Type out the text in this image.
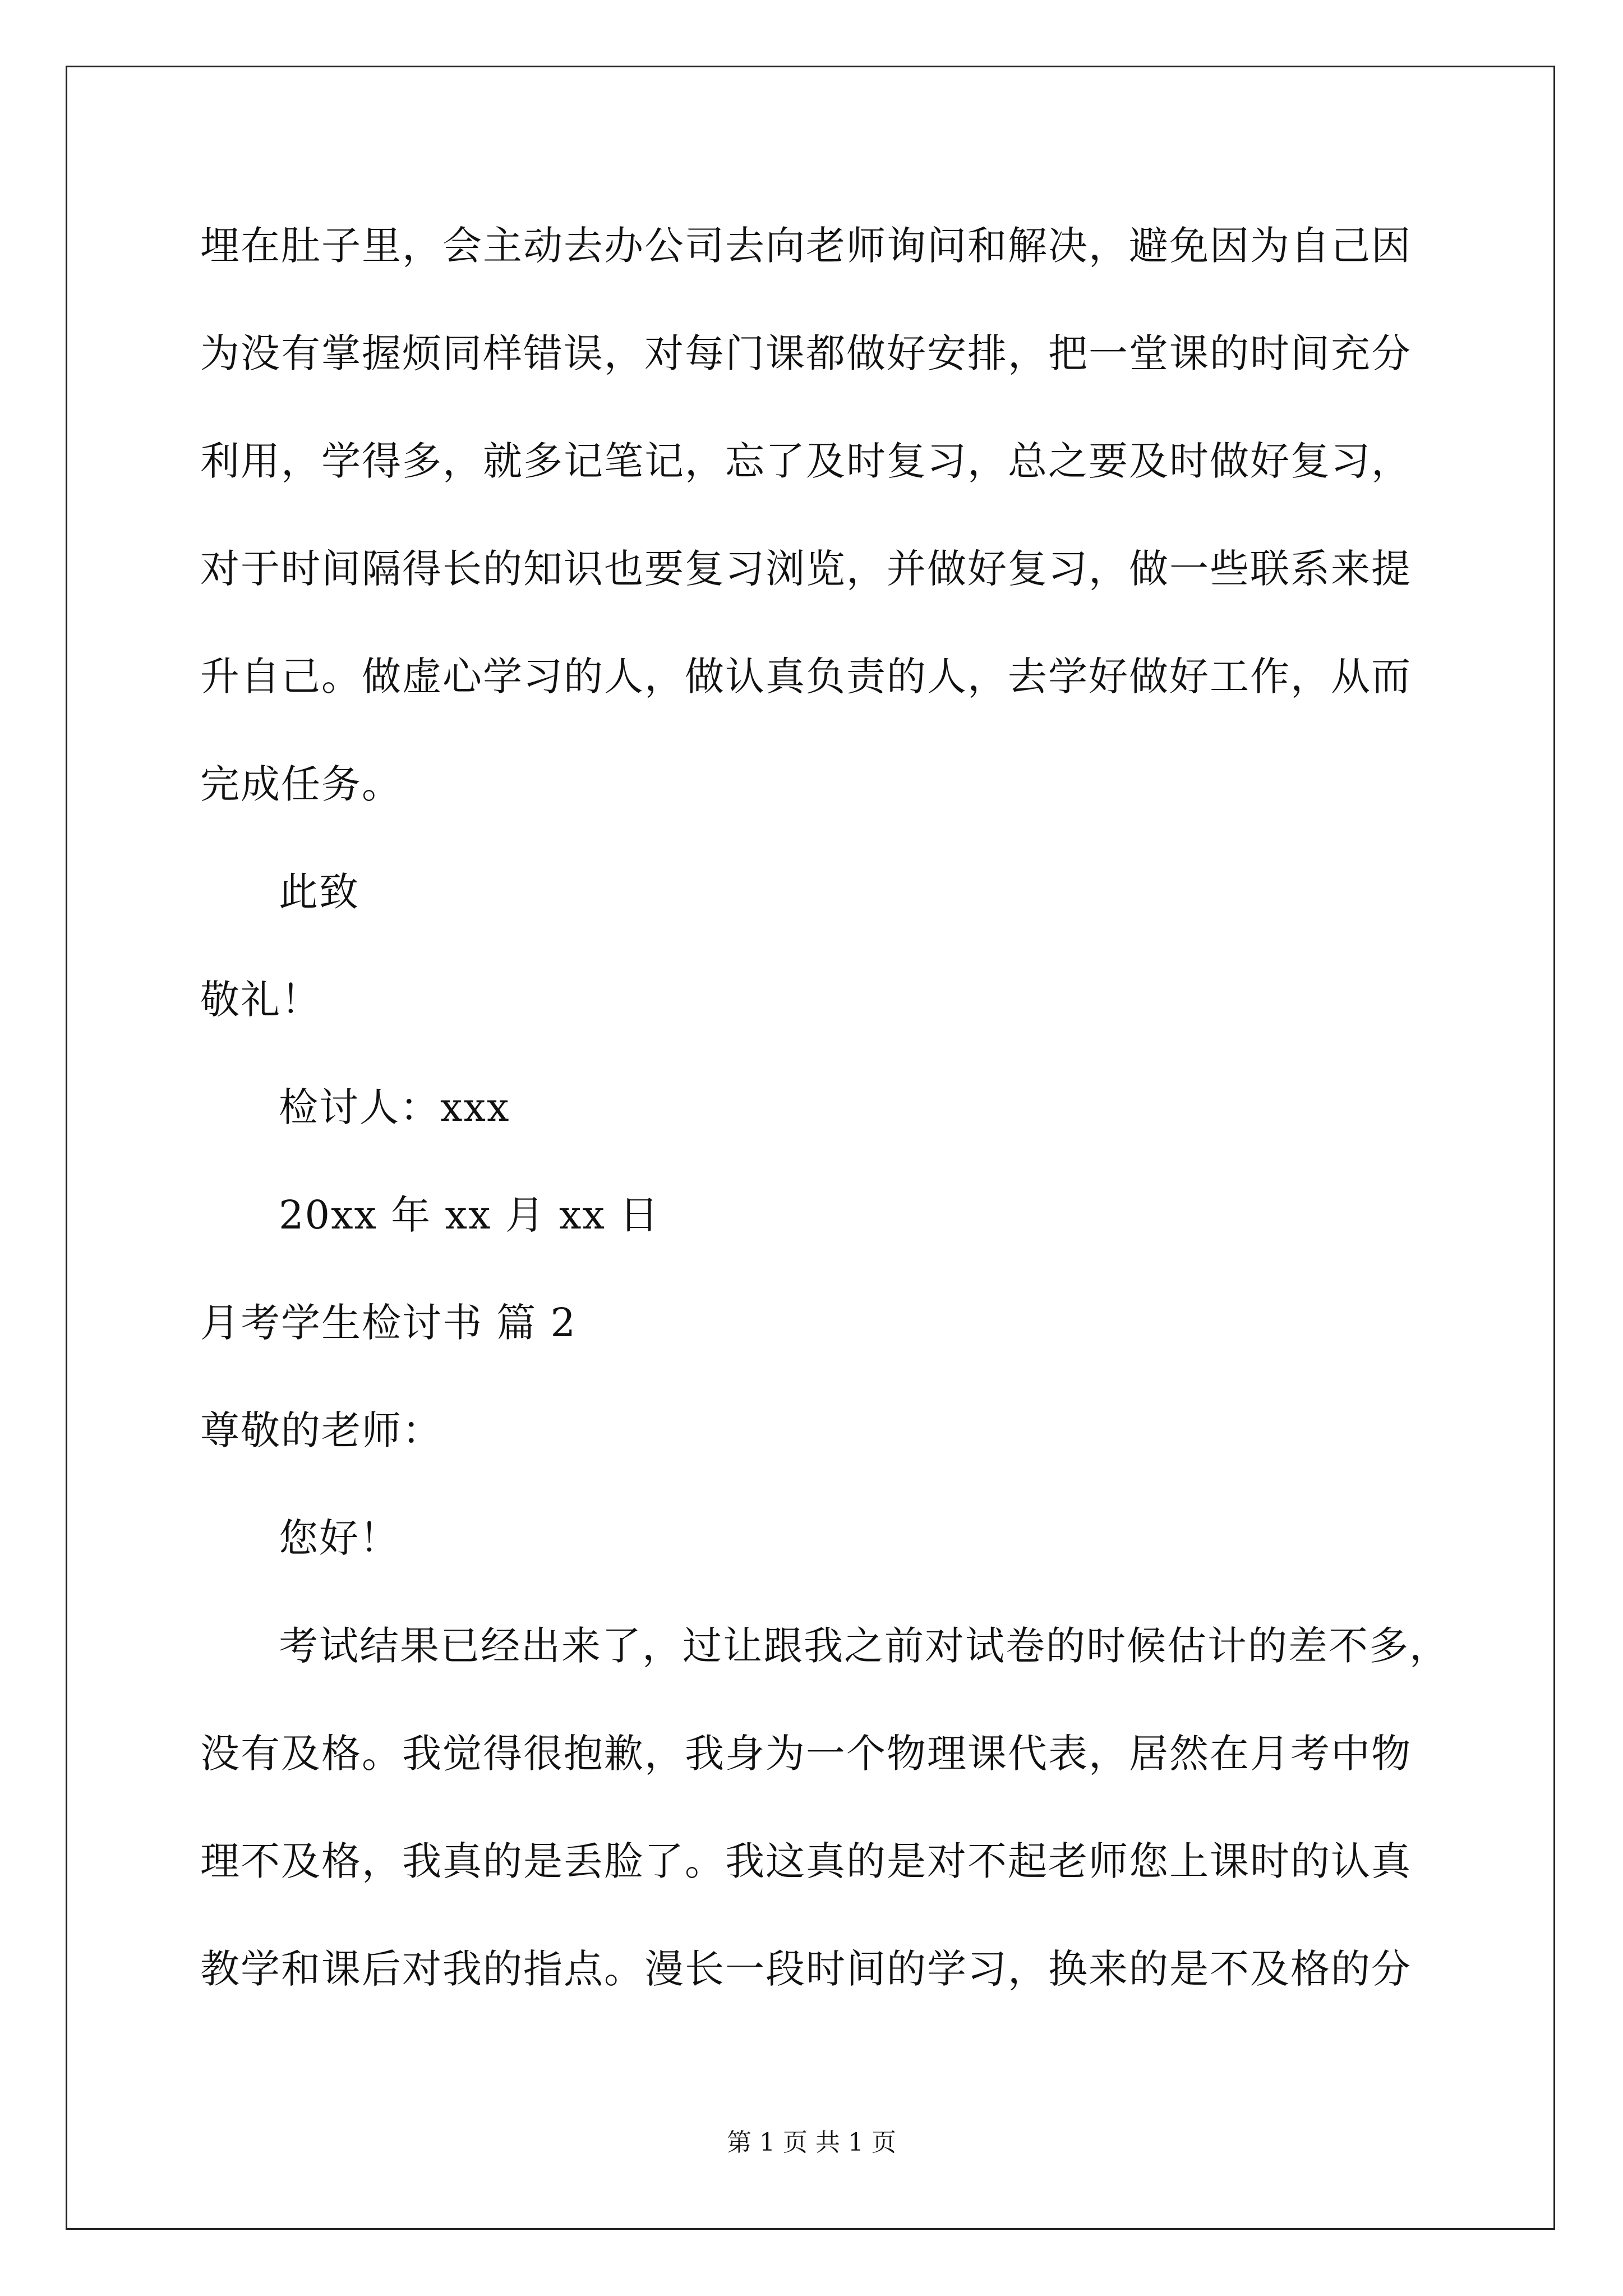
埋在肚子里，会主动去办公司去向老师询问和解决，避免因为自己因
为没有掌握烦同样错误，对每门课都做好安排，把一堂课的时间充分
利用，学得多，就多记笔记，忘了及时复习，总之要及时做好复习，
对于时间隔得长的知识也要复习浏览，并做好复习，做一些联系来提
升自己。做虚心学习的人，做认真负责的人，去学好做好工作，从而
完成任务。
此致
敬礼！
检讨人：xxx
20xx 年 xx 月 xx 日
月考学生检讨书 篇 2
尊敬的老师：
您好！
考试结果已经出来了，过让跟我之前对试卷的时候估计的差不多，
没有及格。我觉得很抱歉，我身为一个物理课代表，居然在月考中物
理不及格，我真的是丢脸了。我这真的是对不起老师您上课时的认真
教学和课后对我的指点。漫长一段时间的学习，换来的是不及格的分
第 1 页 共 1 页
